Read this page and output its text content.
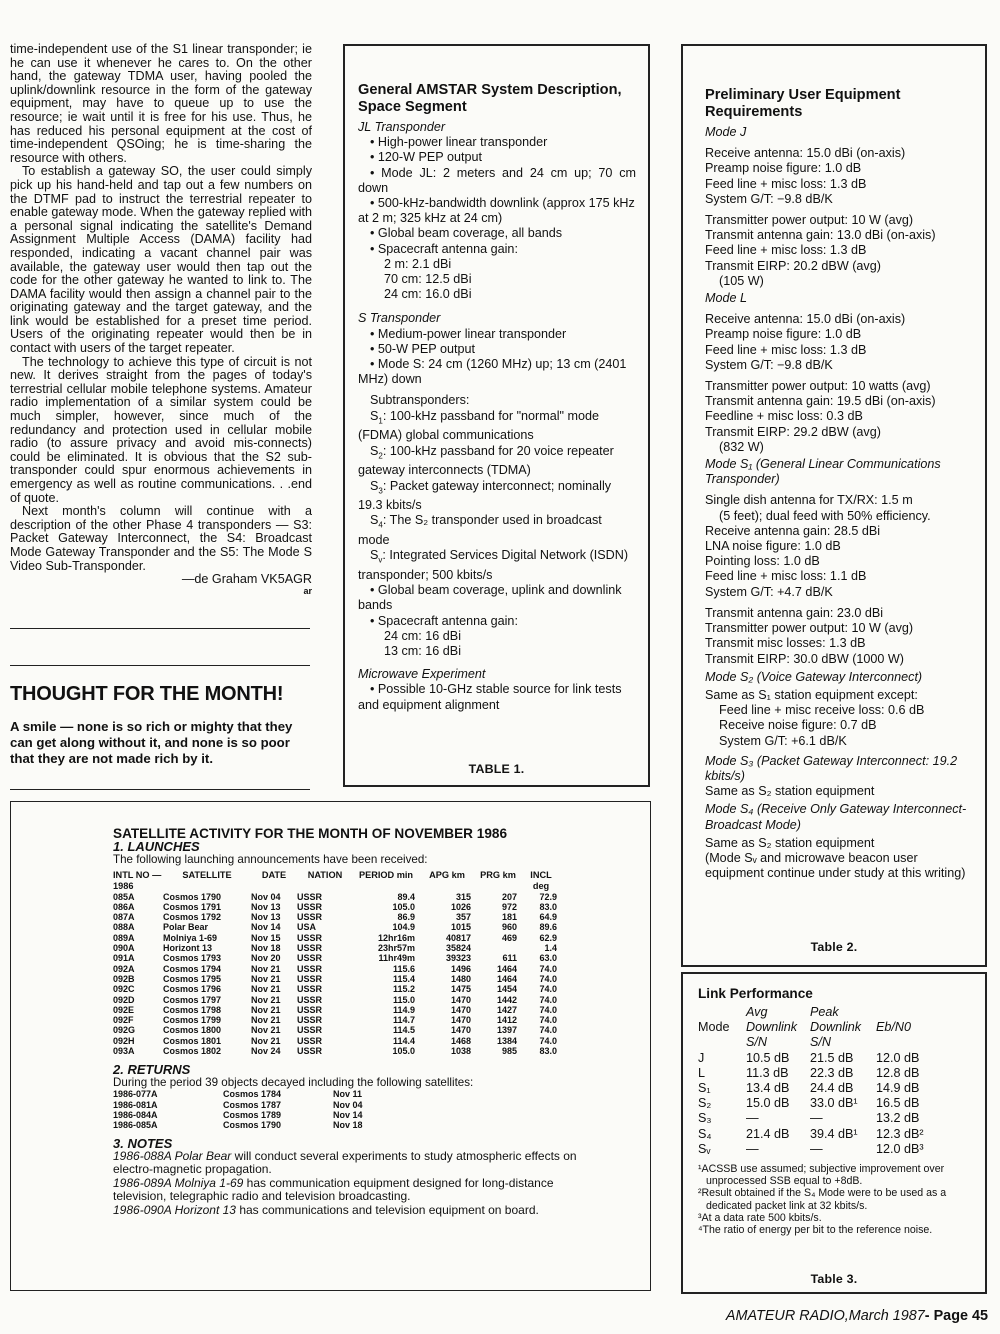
time-independent use of the S1 linear transponder; ie he can use it whenever he cares to. On the other hand, the gateway TDMA user, having pooled the uplink/downlink resource in the form of the gateway equipment, may have to queue up to use the resource; ie wait until it is free for his use. Thus, he has reduced his personal equipment at the cost of time-independent QSOing; he is time-sharing the resource with others.

To establish a gateway SO, the user could simply pick up his hand-held and tap out a few numbers on the DTMF pad to instruct the terrestrial repeater to enable gateway mode. When the gateway replied with a personal signal indicating the satellite's Demand Assignment Multiple Access (DAMA) facility had responded, indicating a vacant channel pair was available, the gateway user would then tap out the code for the other gateway he wanted to link to. The DAMA facility would then assign a channel pair to the originating gateway and the target gateway, and the link would be established for a preset time period. Users of the originating repeater would then be in contact with users of the target repeater.

The technology to achieve this type of circuit is not new. It derives straight from the pages of today's terrestrial cellular mobile telephone systems. Amateur radio implementation of a similar system could be much simpler, however, since much of the redundancy and protection used in cellular mobile radio (to assure privacy and avoid mis-connects) could be eliminated. It is obvious that the S2 sub-transponder could spur enormous achievements in emergency as well as routine communications. . .end of quote.

Next month's column will continue with a description of the other Phase 4 transponders — S3: Packet Gateway Interconnect, the S4: Broadcast Mode Gateway Transponder and the S5: The Mode S Video Sub-Transponder.

—de Graham VK5AGR
ar
THOUGHT FOR THE MONTH!
A smile — none is so rich or mighty that they can get along without it, and none is so poor that they are not made rich by it.
General AMSTAR System Description, Space Segment
JL Transponder
• High-power linear transponder
• 120-W PEP output
• Mode JL: 2 meters and 24 cm up; 70 cm down
• 500-kHz-bandwidth downlink (approx 175 kHz at 2 m; 325 kHz at 24 cm)
• Global beam coverage, all bands
• Spacecraft antenna gain:
2 m: 2.1 dBi
70 cm: 12.5 dBi
24 cm: 16.0 dBi
S Transponder
• Medium-power linear transponder
• 50-W PEP output
• Mode S: 24 cm (1260 MHz) up; 13 cm (2401 MHz) down
Subtransponders:
$S_1$: 100-kHz passband for "normal" mode (FDMA) global communications
$S_2$: 100-kHz passband for 20 voice repeater gateway interconnects (TDMA)
$S_3$: Packet gateway interconnect; nominally 19.3 kbits/s
$S_4$: The S₂ transponder used in broadcast mode
$S_v$: Integrated Services Digital Network (ISDN) transponder; 500 kbits/s
• Global beam coverage, uplink and downlink bands
• Spacecraft antenna gain:
24 cm: 16 dBi
13 cm: 16 dBi
Microwave Experiment
• Possible 10-GHz stable source for link tests and equipment alignment
TABLE 1.
Preliminary User Equipment Requirements
Mode J
Receive antenna: 15.0 dBi (on-axis)
Preamp noise figure: 1.0 dB
Feed line + misc loss: 1.3 dB
System G/T: −9.8 dB/K
Transmitter power output: 10 W (avg)
Transmit antenna gain: 13.0 dBi (on-axis)
Feed line + misc loss: 1.3 dB
Transmit EIRP: 20.2 dBW (avg)
(105 W)
Mode L
Receive antenna: 15.0 dBi (on-axis)
Preamp noise figure: 1.0 dB
Feed line + misc loss: 1.3 dB
System G/T: −9.8 dB/K
Transmitter power output: 10 watts (avg)
Transmit antenna gain: 19.5 dBi (on-axis)
Feedline + misc loss: 0.3 dB
Transmit EIRP: 29.2 dBW (avg)
(832 W)
Mode S₁ (General Linear Communications Transponder)
Single dish antenna for TX/RX: 1.5 m
(5 feet); dual feed with 50% efficiency.
Receive antenna gain: 28.5 dBi
LNA noise figure: 1.0 dB
Pointing loss: 1.0 dB
Feed line + misc loss: 1.1 dB
System G/T: +4.7 dB/K
Transmit antenna gain: 23.0 dBi
Transmitter power output: 10 W (avg)
Transmit misc losses: 1.3 dB
Transmit EIRP: 30.0 dBW (1000 W)
Mode S₂ (Voice Gateway Interconnect)
Same as S₁ station equipment except:
Feed line + misc receive loss: 0.6 dB
Receive noise figure: 0.7 dB
System G/T: +6.1 dB/K
Mode S₃ (Packet Gateway Interconnect: 19.2 kbits/s)
Same as S₂ station equipment
Mode S₄ (Receive Only Gateway Interconnect-Broadcast Mode)
Same as S₂ station equipment
(Mode Sᵥ and microwave beacon user equipment continue under study at this writing)
Table 2.
Link Performance
	Avg	Peak	
Mode	Downlink	Downlink	Eb/N0
	S/N	S/N	
J	10.5 dB	21.5 dB	12.0 dB
L	11.3 dB	22.3 dB	12.8 dB
S₁	13.4 dB	24.4 dB	14.9 dB
S₂	15.0 dB	33.0 dB¹	16.5 dB
S₃	—	—	13.2 dB
S₄	21.4 dB	39.4 dB¹	12.3 dB²
Sᵥ	—	—	12.0 dB³
¹ACSSB use assumed; subjective improvement over unprocessed SSB equal to +8dB.
²Result obtained if the S₄ Mode were to be used as a dedicated packet link at 32 kbits/s.
³At a data rate 500 kbits/s.
⁴The ratio of energy per bit to the reference noise.
Table 3.
SATELLITE ACTIVITY FOR THE MONTH OF NOVEMBER 1986
1. LAUNCHES
The following launching announcements have been received:
INTL NO —1986	SATELLITE	DATE	NATION	PERIOD min	APG km	PRG km	INCL deg
085A	Cosmos 1790	Nov 04	USSR	89.4	315	207	72.9
086A	Cosmos 1791	Nov 13	USSR	105.0	1026	972	83.0
087A	Cosmos 1792	Nov 13	USSR	86.9	357	181	64.9
088A	Polar Bear	Nov 14	USA	104.9	1015	960	89.6
089A	Molniya 1-69	Nov 15	USSR	12hr16m	40817	469	62.9
090A	Horizont 13	Nov 18	USSR	23hr57m	35824		1.4
091A	Cosmos 1793	Nov 20	USSR	11hr49m	39323	611	63.0
092A	Cosmos 1794	Nov 21	USSR	115.6	1496	1464	74.0
092B	Cosmos 1795	Nov 21	USSR	115.4	1480	1464	74.0
092C	Cosmos 1796	Nov 21	USSR	115.2	1475	1454	74.0
092D	Cosmos 1797	Nov 21	USSR	115.0	1470	1442	74.0
092E	Cosmos 1798	Nov 21	USSR	114.9	1470	1427	74.0
092F	Cosmos 1799	Nov 21	USSR	114.7	1470	1412	74.0
092G	Cosmos 1800	Nov 21	USSR	114.5	1470	1397	74.0
092H	Cosmos 1801	Nov 21	USSR	114.4	1468	1384	74.0
093A	Cosmos 1802	Nov 24	USSR	105.0	1038	985	83.0
2. RETURNS
During the period 39 objects decayed including the following satellites:
1986-077A	Cosmos 1784	Nov 11
1986-081A	Cosmos 1787	Nov 04
1986-084A	Cosmos 1789	Nov 14
1986-085A	Cosmos 1790	Nov 18
3. NOTES
1986-088A Polar Bear will conduct several experiments to study atmospheric effects on electro-magnetic propagation.
1986-089A Molniya 1-69 has communication equipment designed for long-distance television, telegraphic radio and television broadcasting.
1986-090A Horizont 13 has communications and television equipment on board.
AMATEUR RADIO,March 1987- Page 45
